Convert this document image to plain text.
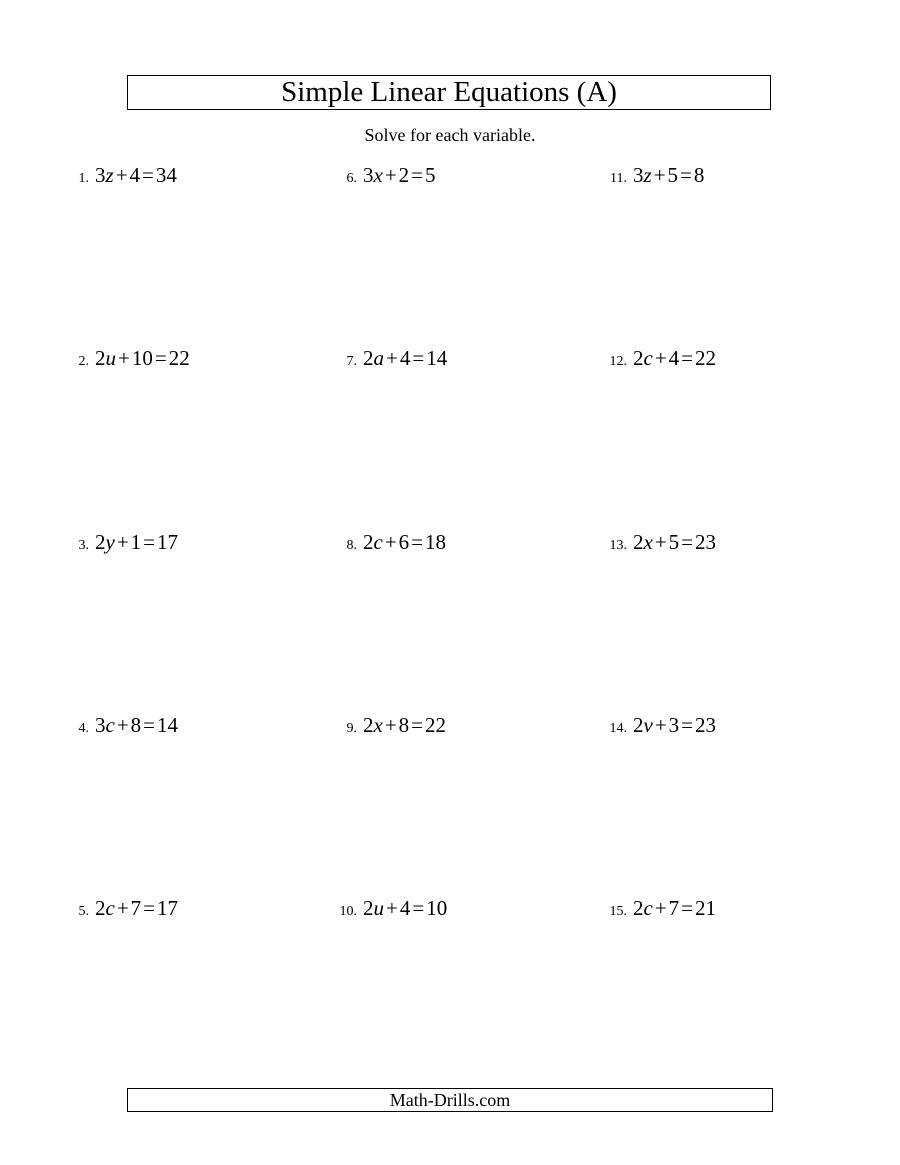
Simple Linear Equations (A)
Solve for each variable.
1. 3z+4=34
2. 2u+10=22
3. 2y+1=17
4. 3c+8=14
5. 2c+7=17
6. 3x+2=5
7. 2a+4=14
8. 2c+6=18
9. 2x+8=22
10. 2u+4=10
11. 3z+5=8
12. 2c+4=22
13. 2x+5=23
14. 2v+3=23
15. 2c+7=21
Math-Drills.com
